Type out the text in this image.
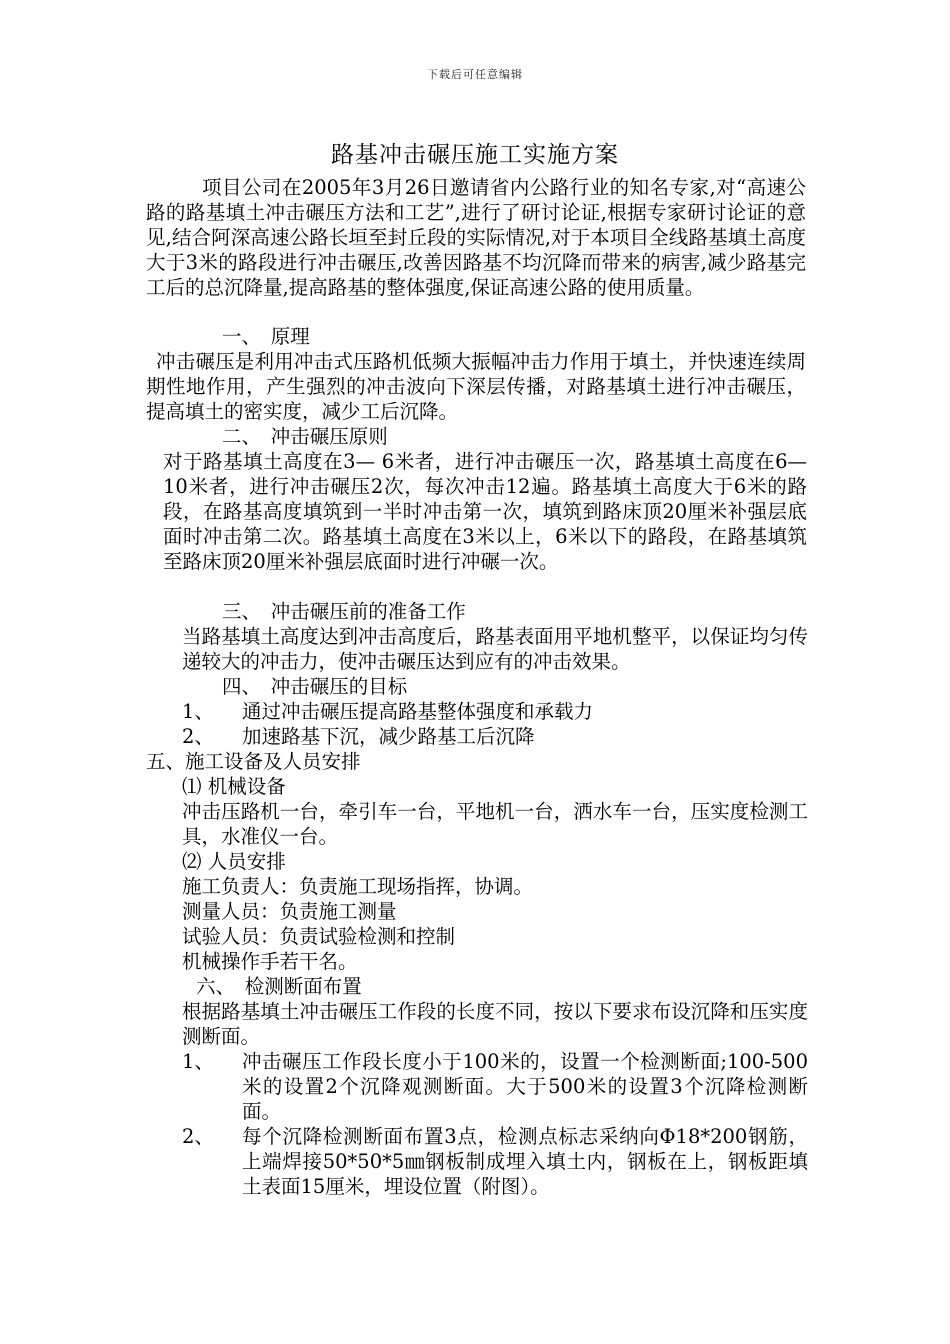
下载后可任意编辑
路基冲击碾压施工实施方案
项目公司在2005年3月26日邀请省内公路行业的知名专家,对“高速公路的路基填土冲击碾压方法和工艺”,进行了研讨论证,根据专家研讨论证的意见,结合阿深高速公路长垣至封丘段的实际情况,对于本项目全线路基填土高度大于3米的路段进行冲击碾压,改善因路基不均沉降而带来的病害,减少路基完工后的总沉降量,提高路基的整体强度,保证高速公路的使用质量。
一、　原理
冲击碾压是利用冲击式压路机低频大振幅冲击力作用于填土，并快速连续周期性地作用，产生强烈的冲击波向下深层传播，对路基填土进行冲击碾压，提高填土的密实度，减少工后沉降。
二、　冲击碾压原则
对于路基填土高度在3— 6米者，进行冲击碾压一次，路基填土高度在6—10米者，进行冲击碾压2次，每次冲击12遍。路基填土高度大于6米的路段，在路基高度填筑到一半时冲击第一次，填筑到路床顶20厘米补强层底面时冲击第二次。路基填土高度在3米以上，6米以下的路段，在路基填筑至路床顶20厘米补强层底面时进行冲碾一次。
三、　冲击碾压前的准备工作
当路基填土高度达到冲击高度后，路基表面用平地机整平，以保证均匀传递较大的冲击力，使冲击碾压达到应有的冲击效果。
四、　冲击碾压的目标
1、 通过冲击碾压提高路基整体强度和承载力
2、 加速路基下沉，减少路基工后沉降
五、施工设备及人员安排
⑴ 机械设备
冲击压路机一台，牵引车一台，平地机一台，洒水车一台，压实度检测工具，水准仪一台。
⑵ 人员安排
施工负责人：负责施工现场指挥，协调。
测量人员：负责施工测量
试验人员：负责试验检测和控制
机械操作手若干名。
六、　检测断面布置
根据路基填土冲击碾压工作段的长度不同，按以下要求布设沉降和压实度测断面。
1、 冲击碾压工作段长度小于100米的，设置一个检测断面;100-500米的设置2个沉降观测断面。大于500米的设置3个沉降检测断面。
2、 每个沉降检测断面布置3点，检测点标志采纳向Φ18*200钢筋，上端焊接50*50*5㎜钢板制成埋入填土内，钢板在上，钢板距填土表面15厘米，埋设位置（附图）。
